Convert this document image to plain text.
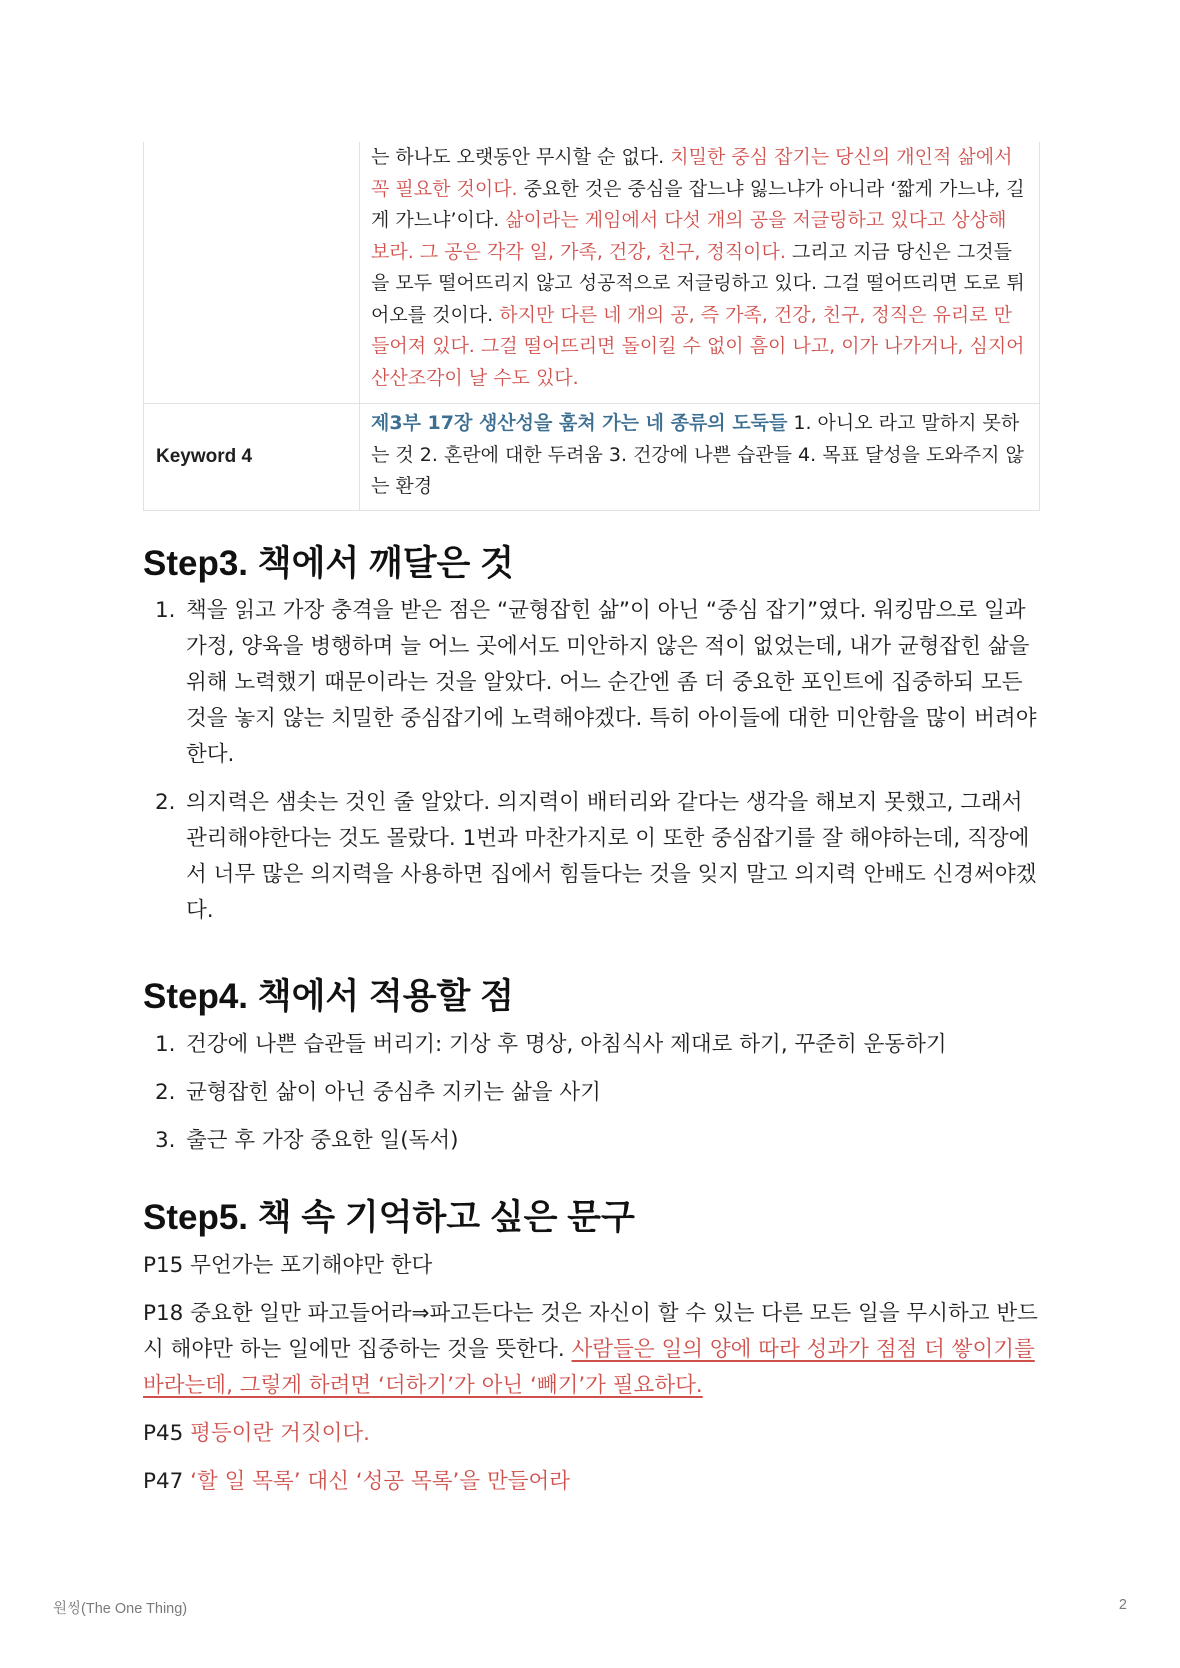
	는 하나도 오랫동안 무시할 순 없다. 치밀한 중심 잡기는 당신의 개인적 삶에서 꼭 필요한 것이다. 중요한 것은 중심을 잡느냐 잃느냐가 아니라 ‘짧게 가느냐, 길게 가느냐’이다. 삶이라는 게임에서 다섯 개의 공을 저글링하고 있다고 상상해 보라. 그 공은 각각 일, 가족, 건강, 친구, 정직이다. 그리고 지금 당신은 그것들을 모두 떨어뜨리지 않고 성공적으로 저글링하고 있다. 그걸 떨어뜨리면 도로 튀어오를 것이다. 하지만 다른 네 개의 공, 즉 가족, 건강, 친구, 정직은 유리로 만들어져 있다. 그걸 떨어뜨리면 돌이킬 수 없이 흠이 나고, 이가 나가거나, 심지어 산산조각이 날 수도 있다.
Keyword 4	제3부 17장 생산성을 훔쳐 가는 네 종류의 도둑들 1. 아니오 라고 말하지 못하는 것 2. 혼란에 대한 두려움 3. 건강에 나쁜 습관들 4. 목표 달성을 도와주지 않는 환경
Step3. 책에서 깨달은 것
1. 책을 읽고 가장 충격을 받은 점은 “균형잡힌 삶”이 아닌 “중심 잡기”였다. 워킹맘으로 일과 가정, 양육을 병행하며 늘 어느 곳에서도 미안하지 않은 적이 없었는데, 내가 균형잡힌 삶을 위해 노력했기 때문이라는 것을 알았다. 어느 순간엔 좀 더 중요한 포인트에 집중하되 모든 것을 놓지 않는 치밀한 중심잡기에 노력해야겠다. 특히 아이들에 대한 미안함을 많이 버려야한다.
2. 의지력은 샘솟는 것인 줄 알았다. 의지력이 배터리와 같다는 생각을 해보지 못했고, 그래서 관리해야한다는 것도 몰랐다. 1번과 마찬가지로 이 또한 중심잡기를 잘 해야하는데, 직장에서 너무 많은 의지력을 사용하면 집에서 힘들다는 것을 잊지 말고 의지력 안배도 신경써야겠다.
Step4. 책에서 적용할 점
1. 건강에 나쁜 습관들 버리기: 기상 후 명상, 아침식사 제대로 하기, 꾸준히 운동하기
2. 균형잡힌 삶이 아닌 중심추 지키는 삶을 사기
3. 출근 후 가장 중요한 일(독서)
Step5. 책 속 기억하고 싶은 문구

P15 무언가는 포기해야만 한다

P18 중요한 일만 파고들어라⇒파고든다는 것은 자신이 할 수 있는 다른 모든 일을 무시하고 반드시 해야만 하는 일에만 집중하는 것을 뜻한다. 사람들은 일의 양에 따라 성과가 점점 더 쌓이기를 바라는데, 그렇게 하려면 ‘더하기’가 아닌 ‘빼기’가 필요하다.

P45 평등이란 거짓이다.

P47 ‘할 일 목록’ 대신 ‘성공 목록’을 만들어라

원씽(The One Thing)	2
